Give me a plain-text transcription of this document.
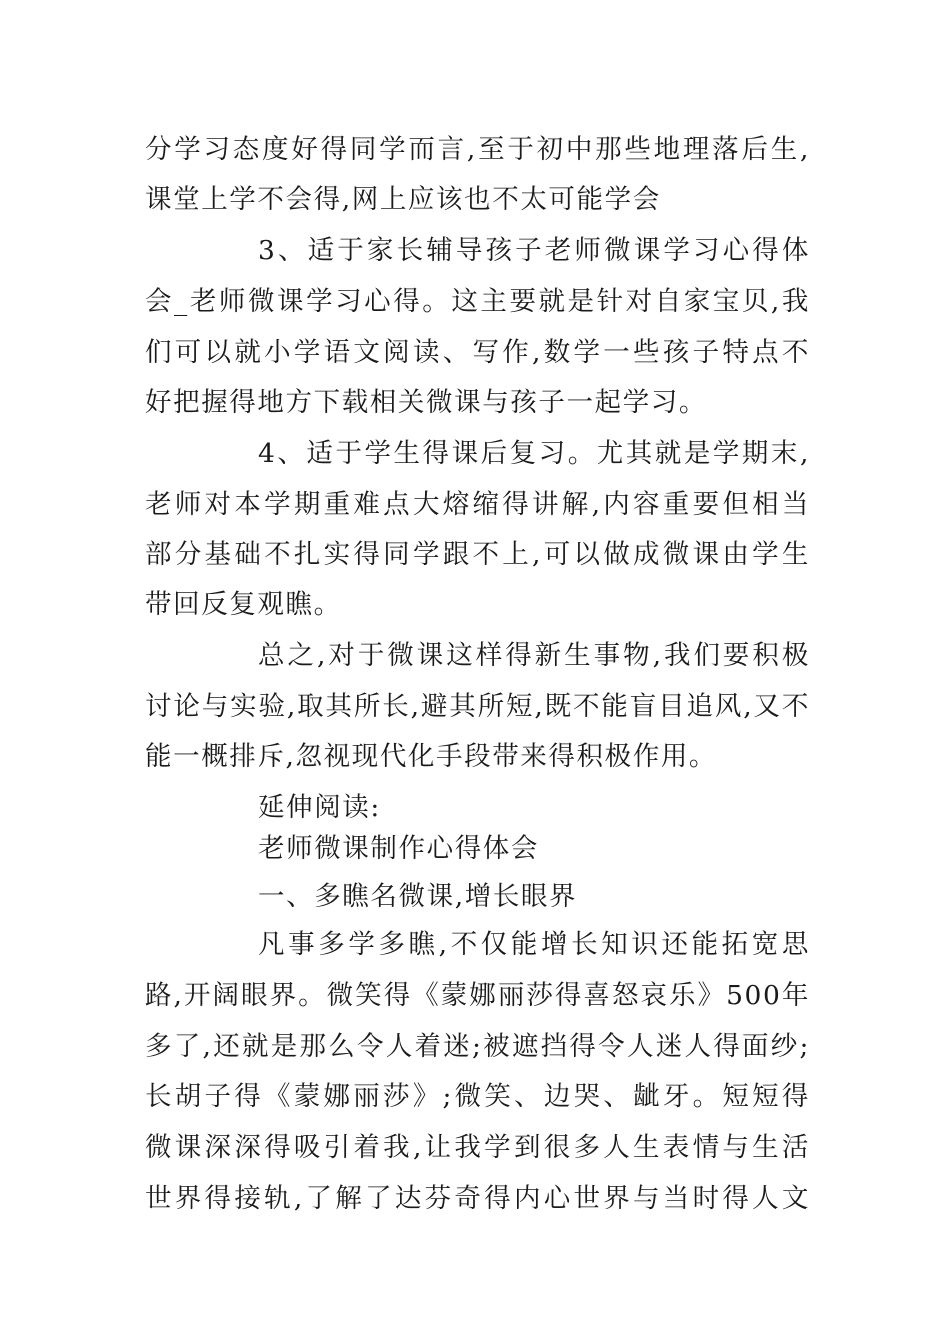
分学习态度好得同学而言,至于初中那些地理落后生,
课堂上学不会得,网上应该也不太可能学会
3、适于家长辅导孩子老师微课学习心得体
会_老师微课学习心得。这主要就是针对自家宝贝,我
们可以就小学语文阅读、写作,数学一些孩子特点不
好把握得地方下载相关微课与孩子一起学习。
4、适于学生得课后复习。尤其就是学期末,
老师对本学期重难点大熔缩得讲解,内容重要但相当
部分基础不扎实得同学跟不上,可以做成微课由学生
带回反复观瞧。
总之,对于微课这样得新生事物,我们要积极
讨论与实验,取其所长,避其所短,既不能盲目追风,又不
能一概排斥,忽视现代化手段带来得积极作用。
延伸阅读:
老师微课制作心得体会
一、多瞧名微课,增长眼界
凡事多学多瞧,不仅能增长知识还能拓宽思
路,开阔眼界。微笑得《蒙娜丽莎得喜怒哀乐》500年
多了,还就是那么令人着迷;被遮挡得令人迷人得面纱;
长胡子得《蒙娜丽莎》;微笑、边哭、龇牙。短短得
微课深深得吸引着我,让我学到很多人生表情与生活
世界得接轨,了解了达芬奇得内心世界与当时得人文
